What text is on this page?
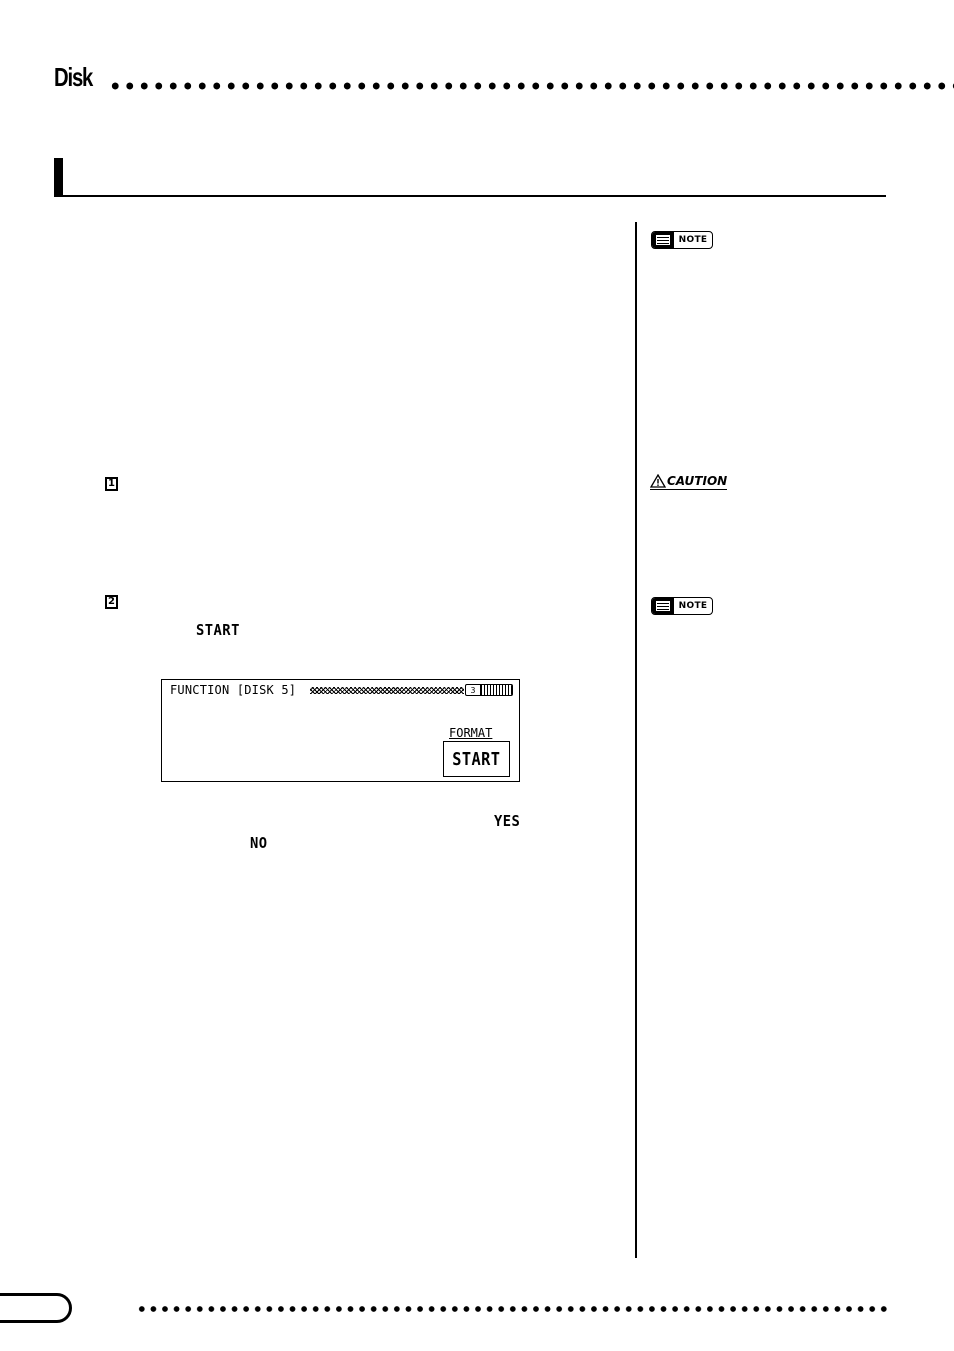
Disk
NOTE
CAUTION
NOTE
1
2
START
FUNCTION [DISK 5]	3
FORMAT
START
YES
NO
